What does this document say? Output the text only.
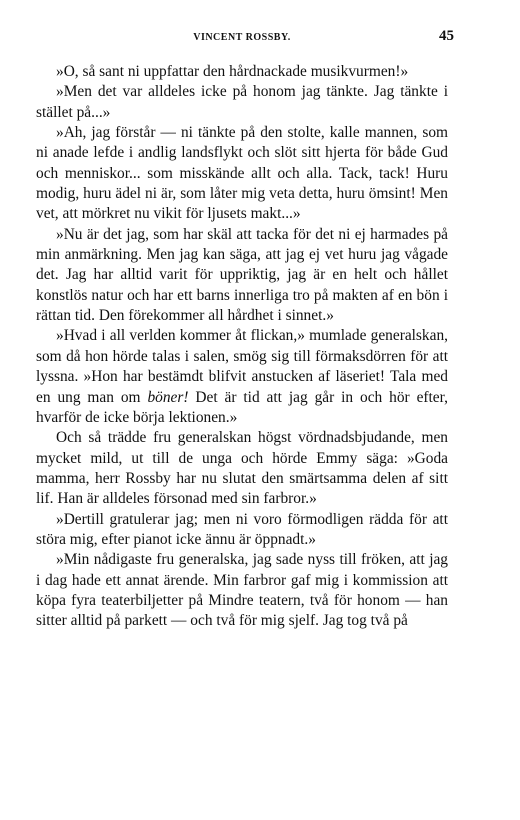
VINCENT ROSSBY.	45

»O, så sant ni uppfattar den hårdnackade musikvurmen!»

»Men det var alldeles icke på honom jag tänkte. Jag tänkte i stället på...»

»Ah, jag förstår — ni tänkte på den stolte, kalle mannen, som ni anade lefde i andlig landsflykt och slöt sitt hjerta för både Gud och menniskor... som misskände allt och alla. Tack, tack! Huru modig, huru ädel ni är, som låter mig veta detta, huru ömsint! Men vet, att mörkret nu vikit för ljusets makt...»

»Nu är det jag, som har skäl att tacka för det ni ej harmades på min anmärkning. Men jag kan säga, att jag ej vet huru jag vågade det. Jag har alltid varit för uppriktig, jag är en helt och hållet konstlös natur och har ett barns innerliga tro på makten af en bön i rättan tid. Den förekommer all hårdhet i sinnet.»

»Hvad i all verlden kommer åt flickan,» mumlade generalskan, som då hon hörde talas i salen, smög sig till förmaksdörren för att lyssna. »Hon har bestämdt blifvit anstucken af läseriet! Tala med en ung man om böner! Det är tid att jag går in och hör efter, hvarför de icke börja lektionen.»

Och så trädde fru generalskan högst vördnadsbjudande, men mycket mild, ut till de unga och hörde Emmy säga: »Goda mamma, herr Rossby har nu slutat den smärtsamma delen af sitt lif. Han är alldeles försonad med sin farbror.»

»Dertill gratulerar jag; men ni voro förmodligen rädda för att störa mig, efter pianot icke ännu är öppnadt.»

»Min nådigaste fru generalska, jag sade nyss till fröken, att jag i dag hade ett annat ärende. Min farbror gaf mig i kommission att köpa fyra teaterbiljetter på Mindre teatern, två för honom — han sitter alltid på parkett — och två för mig sjelf. Jag tog två på
